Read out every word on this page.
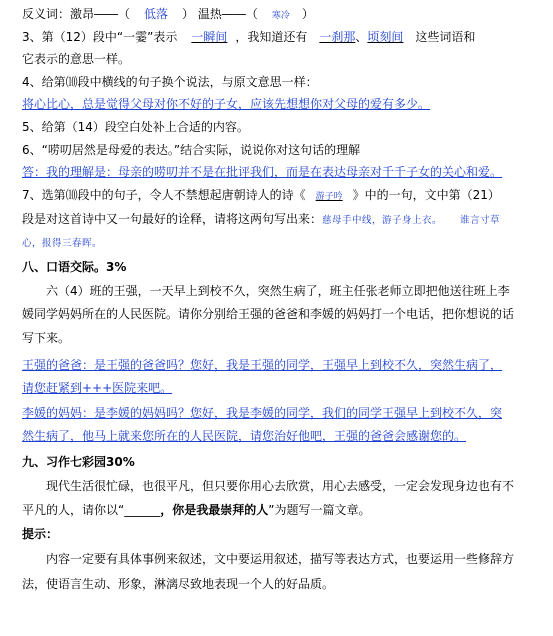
反义词：激昂――（ 低落 ） 温热――（ 寒冷 ）
3、第（12）段中“一霎”表示 一瞬间 ，我知道还有 一刹那、顷刻间 这些词语和
它表示的意思一样。
4、给第⑽段中横线的句子换个说法，与原文意思一样：
将心比心，总是觉得父母对你不好的子女，应该先想想你对父母的爱有多少。
5、给第（14）段空白处补上合适的内容。
6、“唠叨居然是母爱的表达。”结合实际，说说你对这句话的理解
答：我的理解是：母亲的唠叨并不是在批评我们，而是在表达母亲对千千子女的关心和爱。
7、选第⑽段中的句子，令人不禁想起唐朝诗人的诗《 游子吟 》中的一句，文中第（21）
段是对这首诗中又一句最好的诠释，请将这两句写出来：慈母手中线，游子身上衣。 谁言寸草
心，报得三春晖。
八、口语交际。3%
六（4）班的王强，一天早上到校不久，突然生病了，班主任张老师立即把他送往班上李
媛同学妈妈所在的人民医院。请你分别给王强的爸爸和李媛的妈妈打一个电话，把你想说的话
写下来。
王强的爸爸：是王强的爸爸吗？您好，我是王强的同学，王强早上到校不久，突然生病了，
请您赶紧到+++医院来吧。
李媛的妈妈：是李媛的妈妈吗？您好，我是李媛的同学，我们的同学王强早上到校不久，突
然生病了，他马上就来您所在的人民医院，请您治好他吧，王强的爸爸会感谢您的。
九、习作七彩园30%
现代生活很忙碌，也很平凡，但只要你用心去欣赏，用心去感受，一定会发现身边也有不
平凡的人，请你以“______，你是我最崇拜的人”为题写一篇文章。
提示：
内容一定要有具体事例来叙述，文中要运用叙述，描写等表达方式，也要运用一些修辞方
法，使语言生动、形象，淋漓尽致地表现一个人的好品质。
